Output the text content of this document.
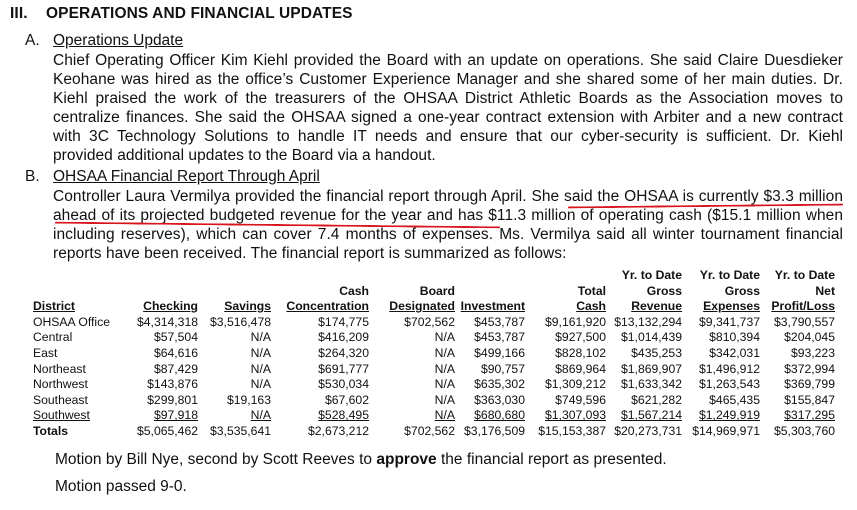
III. OPERATIONS AND FINANCIAL UPDATES
A. Operations Update
Chief Operating Officer Kim Kiehl provided the Board with an update on operations. She said Claire Duesdieker Keohane was hired as the office’s Customer Experience Manager and she shared some of her main duties. Dr. Kiehl praised the work of the treasurers of the OHSAA District Athletic Boards as the Association moves to centralize finances. She said the OHSAA signed a one-year contract extension with Arbiter and a new contract with 3C Technology Solutions to handle IT needs and ensure that our cyber-security is sufficient. Dr. Kiehl provided additional updates to the Board via a handout.
B. OHSAA Financial Report Through April
Controller Laura Vermilya provided the financial report through April. She said the OHSAA is currently $3.3 million ahead of its projected budgeted revenue for the year and has $11.3 million of operating cash ($15.1 million when including reserves), which can cover 7.4 months of expenses. Ms. Vermilya said all winter tournament financial reports have been received. The financial report is summarized as follows:
							Yr. to Date	Yr. to Date	Yr. to Date
			Cash	Board		Total	Gross	Gross	Net
District	Checking	Savings	Concentration	Designated	Investment	Cash	Revenue	Expenses	Profit/Loss
OHSAA Office	$4,314,318	$3,516,478	$174,775	$702,562	$453,787	$9,161,920	$13,132,294	$9,341,737	$3,790,557
Central	$57,504	N/A	$416,209	N/A	$453,787	$927,500	$1,014,439	$810,394	$204,045
East	$64,616	N/A	$264,320	N/A	$499,166	$828,102	$435,253	$342,031	$93,223
Northeast	$87,429	N/A	$691,777	N/A	$90,757	$869,964	$1,869,907	$1,496,912	$372,994
Northwest	$143,876	N/A	$530,034	N/A	$635,302	$1,309,212	$1,633,342	$1,263,543	$369,799
Southeast	$299,801	$19,163	$67,602	N/A	$363,030	$749,596	$621,282	$465,435	$155,847
Southwest	$97,918	N/A	$528,495	N/A	$680,680	$1,307,093	$1,567,214	$1,249,919	$317,295
Totals	$5,065,462	$3,535,641	$2,673,212	$702,562	$3,176,509	$15,153,387	$20,273,731	$14,969,971	$5,303,760
Motion by Bill Nye, second by Scott Reeves to approve the financial report as presented.
Motion passed 9-0.
